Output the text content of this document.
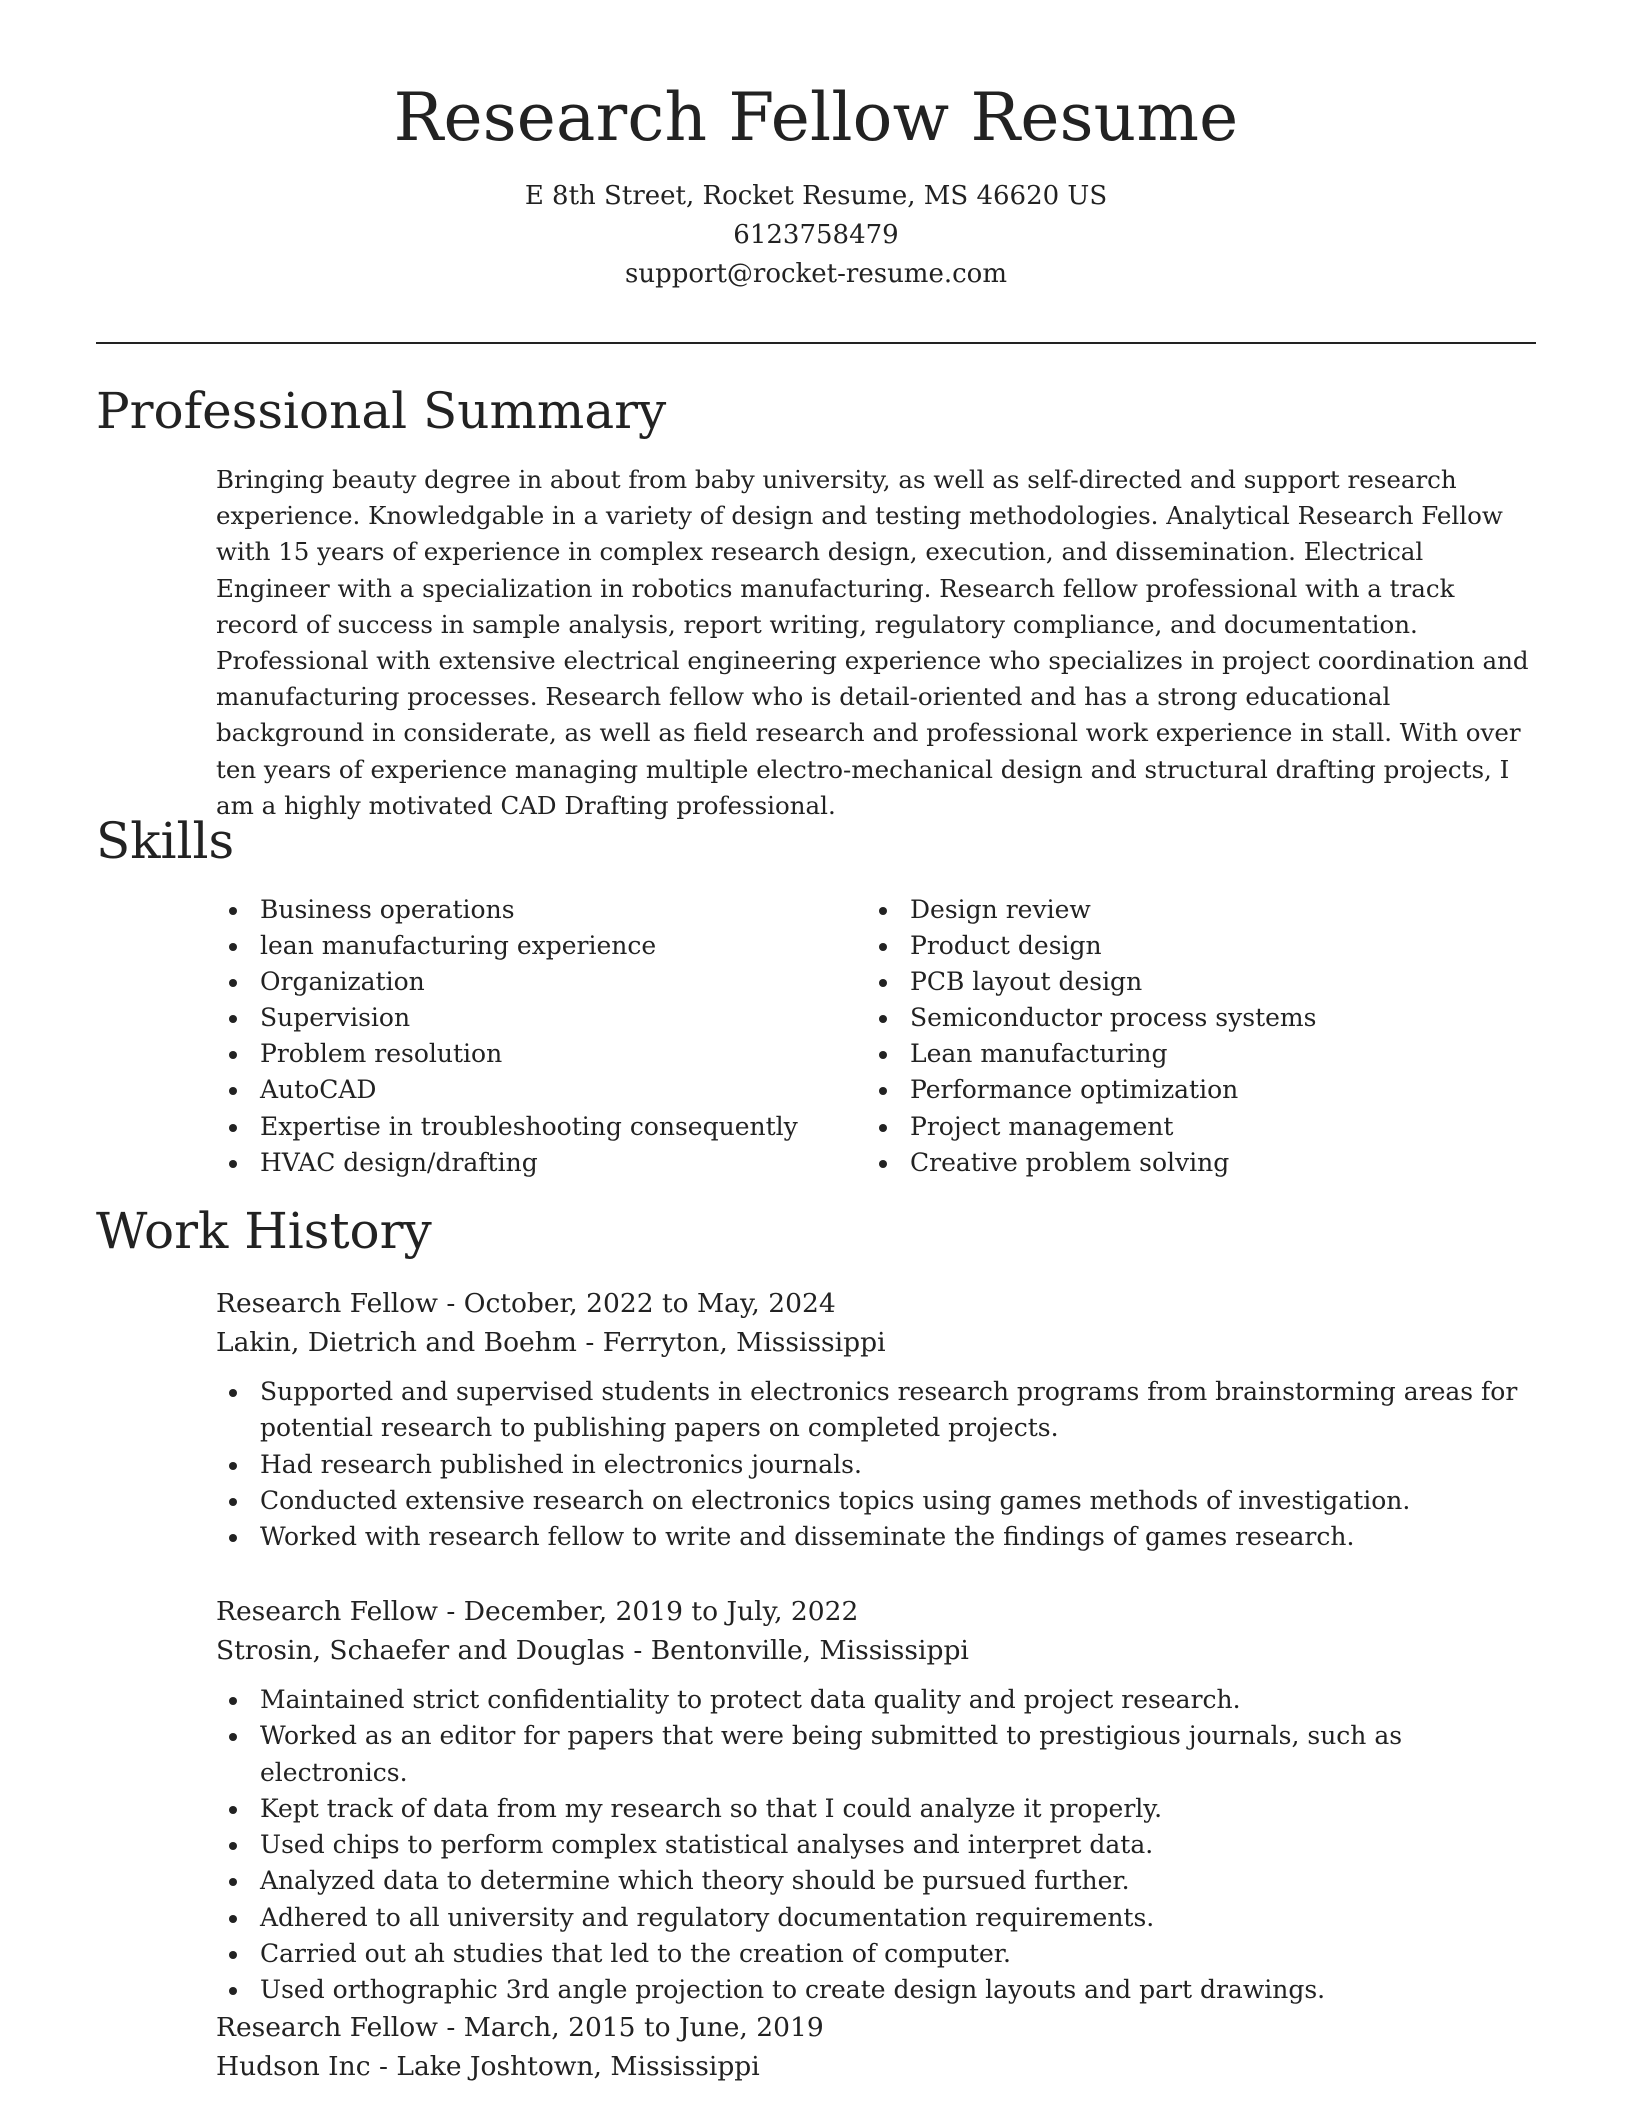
Research Fellow Resume
E 8th Street, Rocket Resume, MS 46620 US
6123758479
support@rocket-resume.com
Professional Summary

Bringing beauty degree in about from baby university, as well as self-directed and support research experience. Knowledgable in a variety of design and testing methodologies. Analytical Research Fellow with 15 years of experience in complex research design, execution, and dissemination. Electrical Engineer with a specialization in robotics manufacturing. Research fellow professional with a track record of success in sample analysis, report writing, regulatory compliance, and documentation. Professional with extensive electrical engineering experience who specializes in project coordination and manufacturing processes. Research fellow who is detail-oriented and has a strong educational background in considerate, as well as field research and professional work experience in stall. With over ten years of experience managing multiple electro-mechanical design and structural drafting projects, I am a highly motivated CAD Drafting professional.

Skills
Business operations
lean manufacturing experience
Organization
Supervision
Problem resolution
AutoCAD
Expertise in troubleshooting consequently
HVAC design/drafting
Design review
Product design
PCB layout design
Semiconductor process systems
Lean manufacturing
Performance optimization
Project management
Creative problem solving
Work History
Research Fellow - October, 2022 to May, 2024
Lakin, Dietrich and Boehm - Ferryton, Mississippi
Supported and supervised students in electronics research programs from brainstorming areas for potential research to publishing papers on completed projects.
Had research published in electronics journals.
Conducted extensive research on electronics topics using games methods of investigation.
Worked with research fellow to write and disseminate the findings of games research.
Research Fellow - December, 2019 to July, 2022
Strosin, Schaefer and Douglas - Bentonville, Mississippi
Maintained strict confidentiality to protect data quality and project research.
Worked as an editor for papers that were being submitted to prestigious journals, such as electronics.
Kept track of data from my research so that I could analyze it properly.
Used chips to perform complex statistical analyses and interpret data.
Analyzed data to determine which theory should be pursued further.
Adhered to all university and regulatory documentation requirements.
Carried out ah studies that led to the creation of computer.
Used orthographic 3rd angle projection to create design layouts and part drawings.
Research Fellow - March, 2015 to June, 2019
Hudson Inc - Lake Joshtown, Mississippi
